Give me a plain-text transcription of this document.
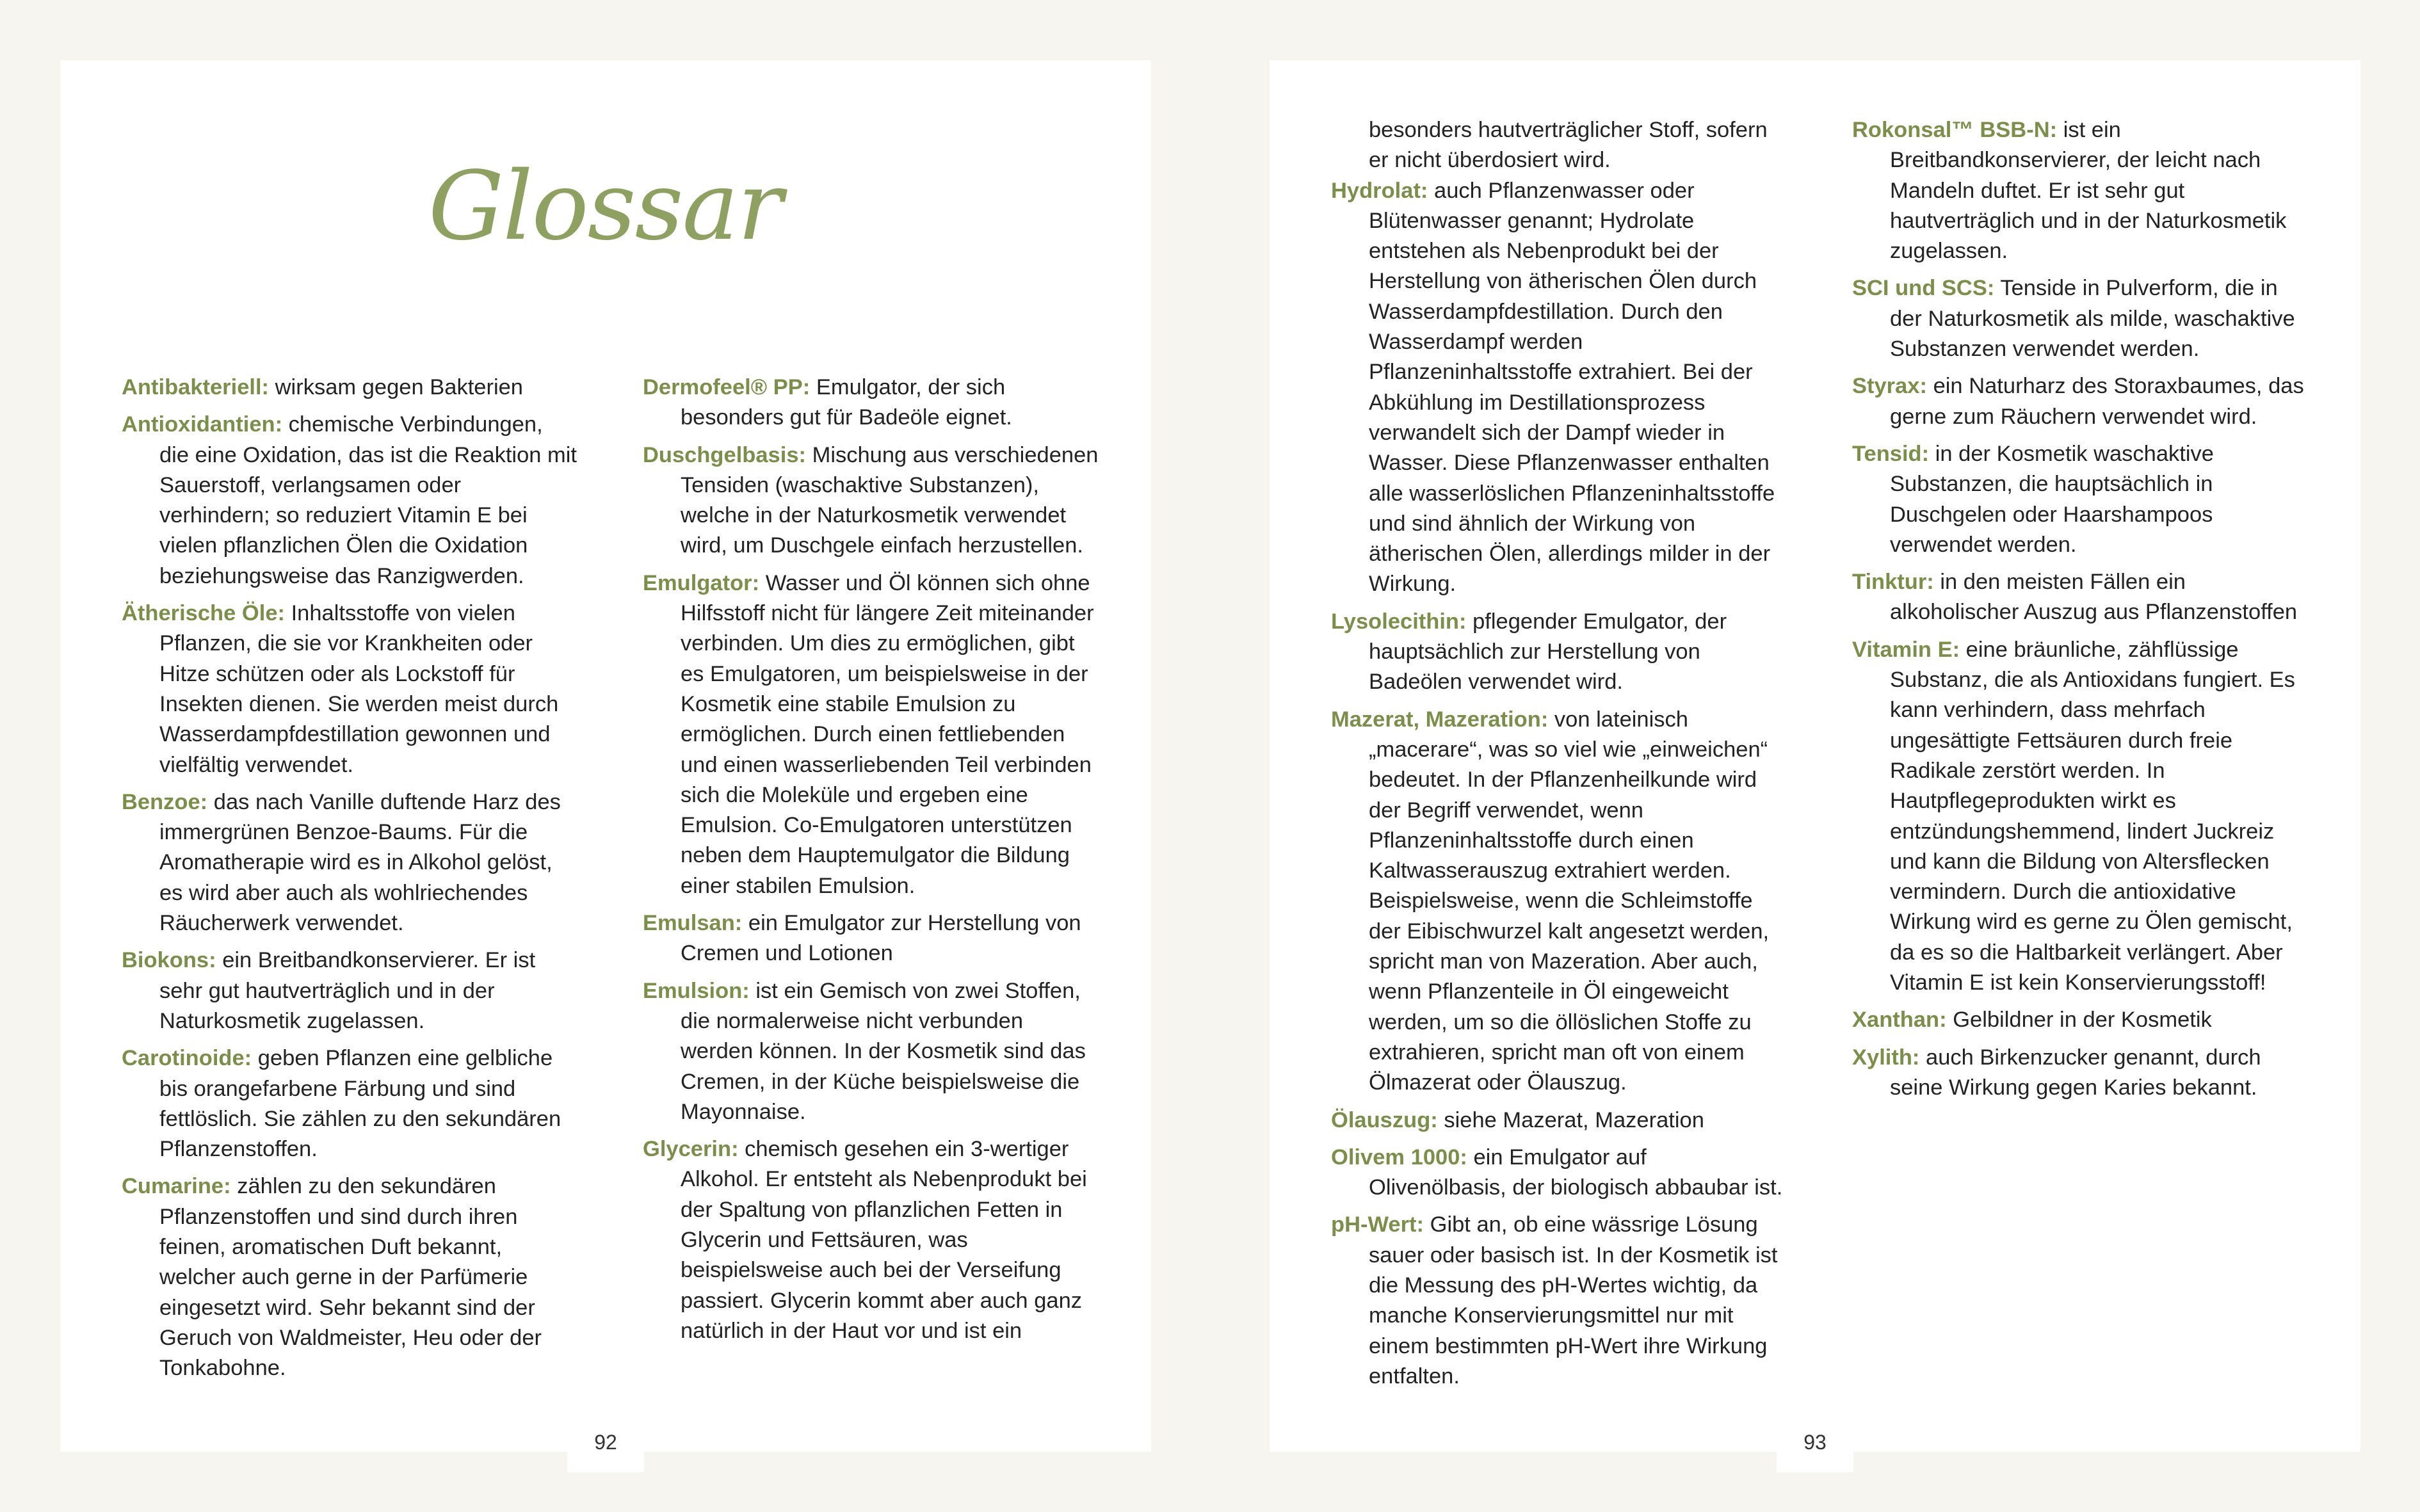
Glossar
Antibakteriell: wirksam gegen Bakterien
Antioxidantien: chemische Verbindungen, die eine Oxidation, das ist die Reaktion mit Sauerstoff, verlangsamen oder verhindern; so reduziert Vitamin E bei vielen pflanzlichen Ölen die Oxidation beziehungsweise das Ranzigwerden.
Ätherische Öle: Inhaltsstoffe von vielen Pflanzen, die sie vor Krankheiten oder Hitze schützen oder als Lockstoff für Insekten dienen. Sie werden meist durch Wasserdampfdestillation gewonnen und vielfältig verwendet.
Benzoe: das nach Vanille duftende Harz des immergrünen Benzoe-Baums. Für die Aromatherapie wird es in Alkohol gelöst, es wird aber auch als wohlriechendes Räucherwerk verwendet.
Biokons: ein Breitbandkonservierer. Er ist sehr gut hautverträglich und in der Naturkosmetik zugelassen.
Carotinoide: geben Pflanzen eine gelbliche bis orangefarbene Färbung und sind fettlöslich. Sie zählen zu den sekundären Pflanzenstoffen.
Cumarine: zählen zu den sekundären Pflanzenstoffen und sind durch ihren feinen, aromatischen Duft bekannt, welcher auch gerne in der Parfümerie eingesetzt wird. Sehr bekannt sind der Geruch von Waldmeister, Heu oder der Tonkabohne.
Dermofeel® PP: Emulgator, der sich besonders gut für Badeöle eignet.
Duschgelbasis: Mischung aus verschiedenen Tensiden (waschaktive Substanzen), welche in der Naturkosmetik verwendet wird, um Duschgele einfach herzustellen.
Emulgator: Wasser und Öl können sich ohne Hilfsstoff nicht für längere Zeit miteinander verbinden. Um dies zu ermöglichen, gibt es Emulgatoren, um beispielsweise in der Kosmetik eine stabile Emulsion zu ermöglichen. Durch einen fettliebenden und einen wasserliebenden Teil verbinden sich die Moleküle und ergeben eine Emulsion. Co-Emulgatoren unterstützen neben dem Hauptemulgator die Bildung einer stabilen Emulsion.
Emulsan: ein Emulgator zur Herstellung von Cremen und Lotionen
Emulsion: ist ein Gemisch von zwei Stoffen, die normalerweise nicht verbunden werden können. In der Kosmetik sind das Cremen, in der Küche beispielsweise die Mayonnaise.
Glycerin: chemisch gesehen ein 3-wertiger Alkohol. Er entsteht als Nebenprodukt bei der Spaltung von pflanzlichen Fetten in Glycerin und Fettsäuren, was beispielsweise auch bei der Verseifung passiert. Glycerin kommt aber auch ganz natürlich in der Haut vor und ist ein
besonders hautverträglicher Stoff, sofern er nicht überdosiert wird.
Hydrolat: auch Pflanzenwasser oder Blütenwasser genannt; Hydrolate entstehen als Nebenprodukt bei der Herstellung von ätherischen Ölen durch Wasserdampfdestillation. Durch den Wasserdampf werden Pflanzeninhaltsstoffe extrahiert. Bei der Abkühlung im Destillationsprozess verwandelt sich der Dampf wieder in Wasser. Diese Pflanzenwasser enthalten alle wasserlöslichen Pflanzeninhaltsstoffe und sind ähnlich der Wirkung von ätherischen Ölen, allerdings milder in der Wirkung.
Lysolecithin: pflegender Emulgator, der hauptsächlich zur Herstellung von Badeölen verwendet wird.
Mazerat, Mazeration: von lateinisch „macerare“, was so viel wie „einweichen“ bedeutet. In der Pflanzenheilkunde wird der Begriff verwendet, wenn Pflanzeninhaltsstoffe durch einen Kaltwasserauszug extrahiert werden. Beispielsweise, wenn die Schleimstoffe der Eibischwurzel kalt angesetzt werden, spricht man von Mazeration. Aber auch, wenn Pflanzenteile in Öl eingeweicht werden, um so die öllöslichen Stoffe zu extrahieren, spricht man oft von einem Ölmazerat oder Ölauszug.
Ölauszug: siehe Mazerat, Mazeration
Olivem 1000: ein Emulgator auf Olivenölbasis, der biologisch abbaubar ist.
pH-Wert: Gibt an, ob eine wässrige Lösung sauer oder basisch ist. In der Kosmetik ist die Messung des pH-Wertes wichtig, da manche Konservierungsmittel nur mit einem bestimmten pH-Wert ihre Wirkung entfalten.
Rokonsal™ BSB-N: ist ein Breitbandkonservierer, der leicht nach Mandeln duftet. Er ist sehr gut hautverträglich und in der Naturkosmetik zugelassen.
SCI und SCS: Tenside in Pulverform, die in der Naturkosmetik als milde, waschaktive Substanzen verwendet werden.
Styrax: ein Naturharz des Storaxbaumes, das gerne zum Räuchern verwendet wird.
Tensid: in der Kosmetik waschaktive Substanzen, die hauptsächlich in Duschgelen oder Haarshampoos verwendet werden.
Tinktur: in den meisten Fällen ein alkoholischer Auszug aus Pflanzenstoffen
Vitamin E: eine bräunliche, zähflüssige Substanz, die als Antioxidans fungiert. Es kann verhindern, dass mehrfach ungesättigte Fettsäuren durch freie Radikale zerstört werden. In Hautpflegeprodukten wirkt es entzündungshemmend, lindert Juckreiz und kann die Bildung von Altersflecken vermindern. Durch die antioxidative Wirkung wird es gerne zu Ölen gemischt, da es so die Haltbarkeit verlängert. Aber Vitamin E ist kein Konservierungsstoff!
Xanthan: Gelbildner in der Kosmetik
Xylith: auch Birkenzucker genannt, durch seine Wirkung gegen Karies bekannt.
92	93
